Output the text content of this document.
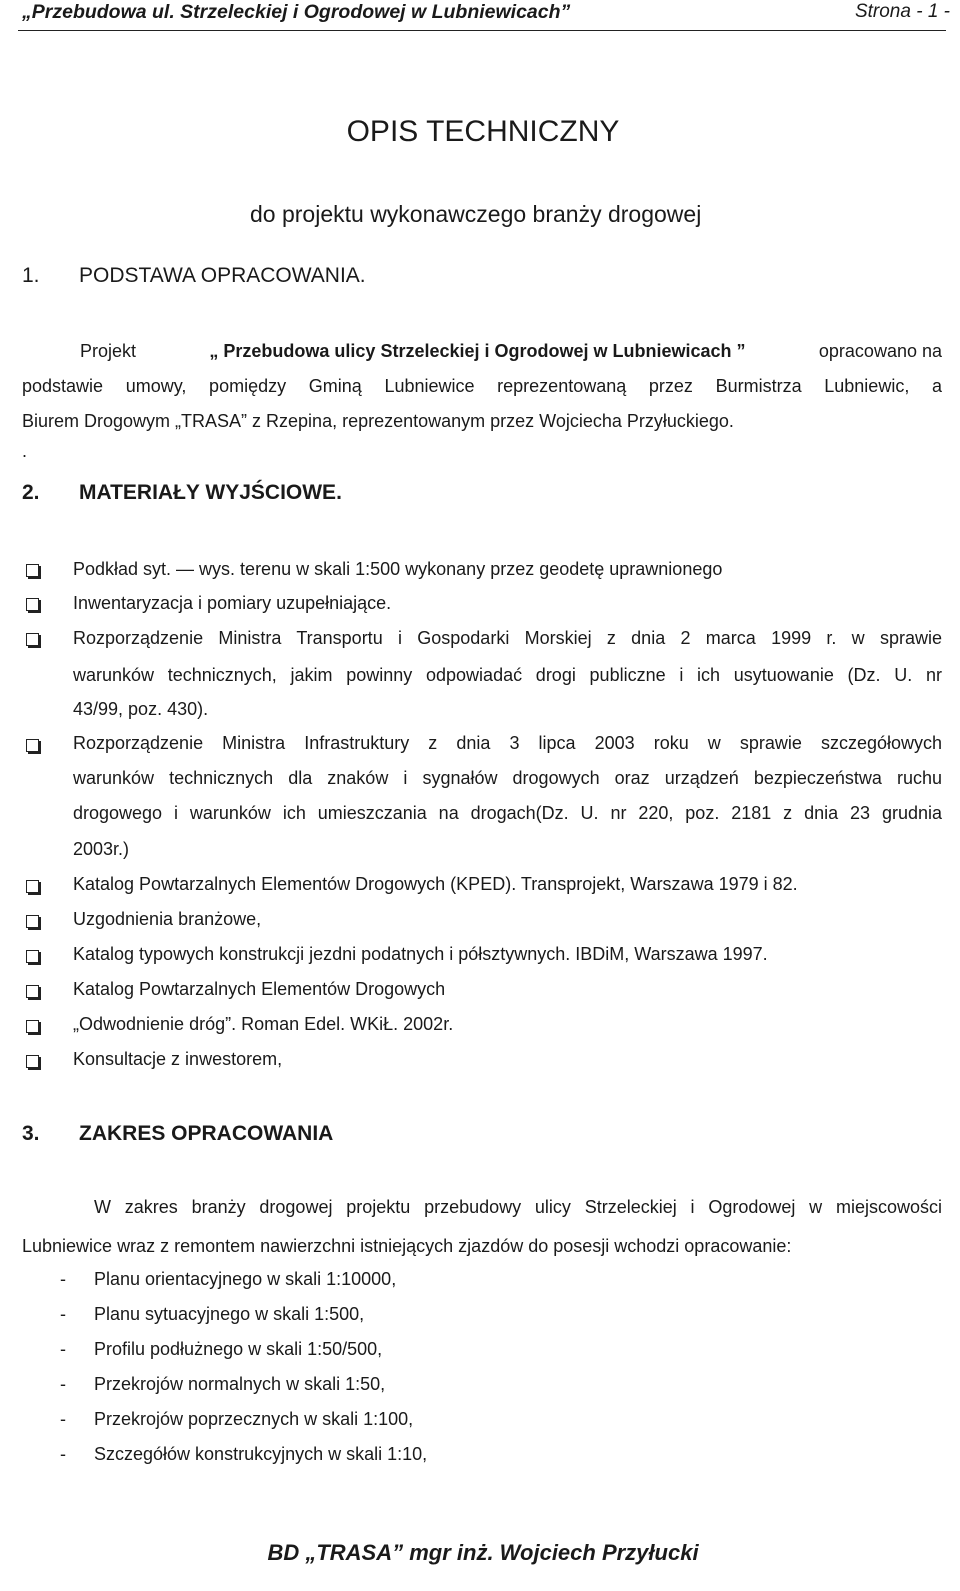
„Przebudowa ul. Strzeleckiej i Ogrodowej w Lubniewicach”	Strona - 1 -
OPIS TECHNICZNY
do projektu wykonawczego branży drogowej
1. PODSTAWA OPRACOWANIA.
Projekt	„ Przebudowa ulicy Strzeleckiej i Ogrodowej w Lubniewicach ”	opracowano na
podstawie umowy, pomiędzy Gminą Lubniewice reprezentowaną przez Burmistrza Lubniewic, a
Biurem Drogowym „TRASA” z Rzepina, reprezentowanym przez Wojciecha Przyłuckiego.
.
2. MATERIAŁY WYJŚCIOWE.
Podkład syt. — wys. terenu w skali 1:500 wykonany przez geodetę uprawnionego
Inwentaryzacja i pomiary uzupełniające.
Rozporządzenie Ministra Transportu i Gospodarki Morskiej z dnia 2 marca 1999 r. w sprawie
warunków technicznych, jakim powinny odpowiadać drogi publiczne i ich usytuowanie (Dz. U. nr
43/99, poz. 430).
Rozporządzenie Ministra Infrastruktury z dnia 3 lipca 2003 roku w sprawie szczegółowych
warunków technicznych dla znaków i sygnałów drogowych oraz urządzeń bezpieczeństwa ruchu
drogowego i warunków ich umieszczania na drogach(Dz. U. nr 220, poz. 2181 z dnia 23 grudnia
2003r.)
Katalog Powtarzalnych Elementów Drogowych (KPED). Transprojekt, Warszawa 1979 i 82.
Uzgodnienia branżowe,
Katalog typowych konstrukcji jezdni podatnych i półsztywnych. IBDiM, Warszawa 1997.
Katalog Powtarzalnych Elementów Drogowych
„Odwodnienie dróg”. Roman Edel. WKiŁ. 2002r.
Konsultacje z inwestorem,
3. ZAKRES OPRACOWANIA
W zakres branży drogowej projektu przebudowy ulicy Strzeleckiej i Ogrodowej w miejscowości
Lubniewice wraz z remontem nawierzchni istniejących zjazdów do posesji wchodzi opracowanie:
- Planu orientacyjnego w skali 1:10000,
- Planu sytuacyjnego w skali 1:500,
- Profilu podłużnego w skali 1:50/500,
- Przekrojów normalnych w skali 1:50,
- Przekrojów poprzecznych w skali 1:100,
- Szczegółów konstrukcyjnych w skali 1:10,
BD „TRASA” mgr inż. Wojciech Przyłucki
